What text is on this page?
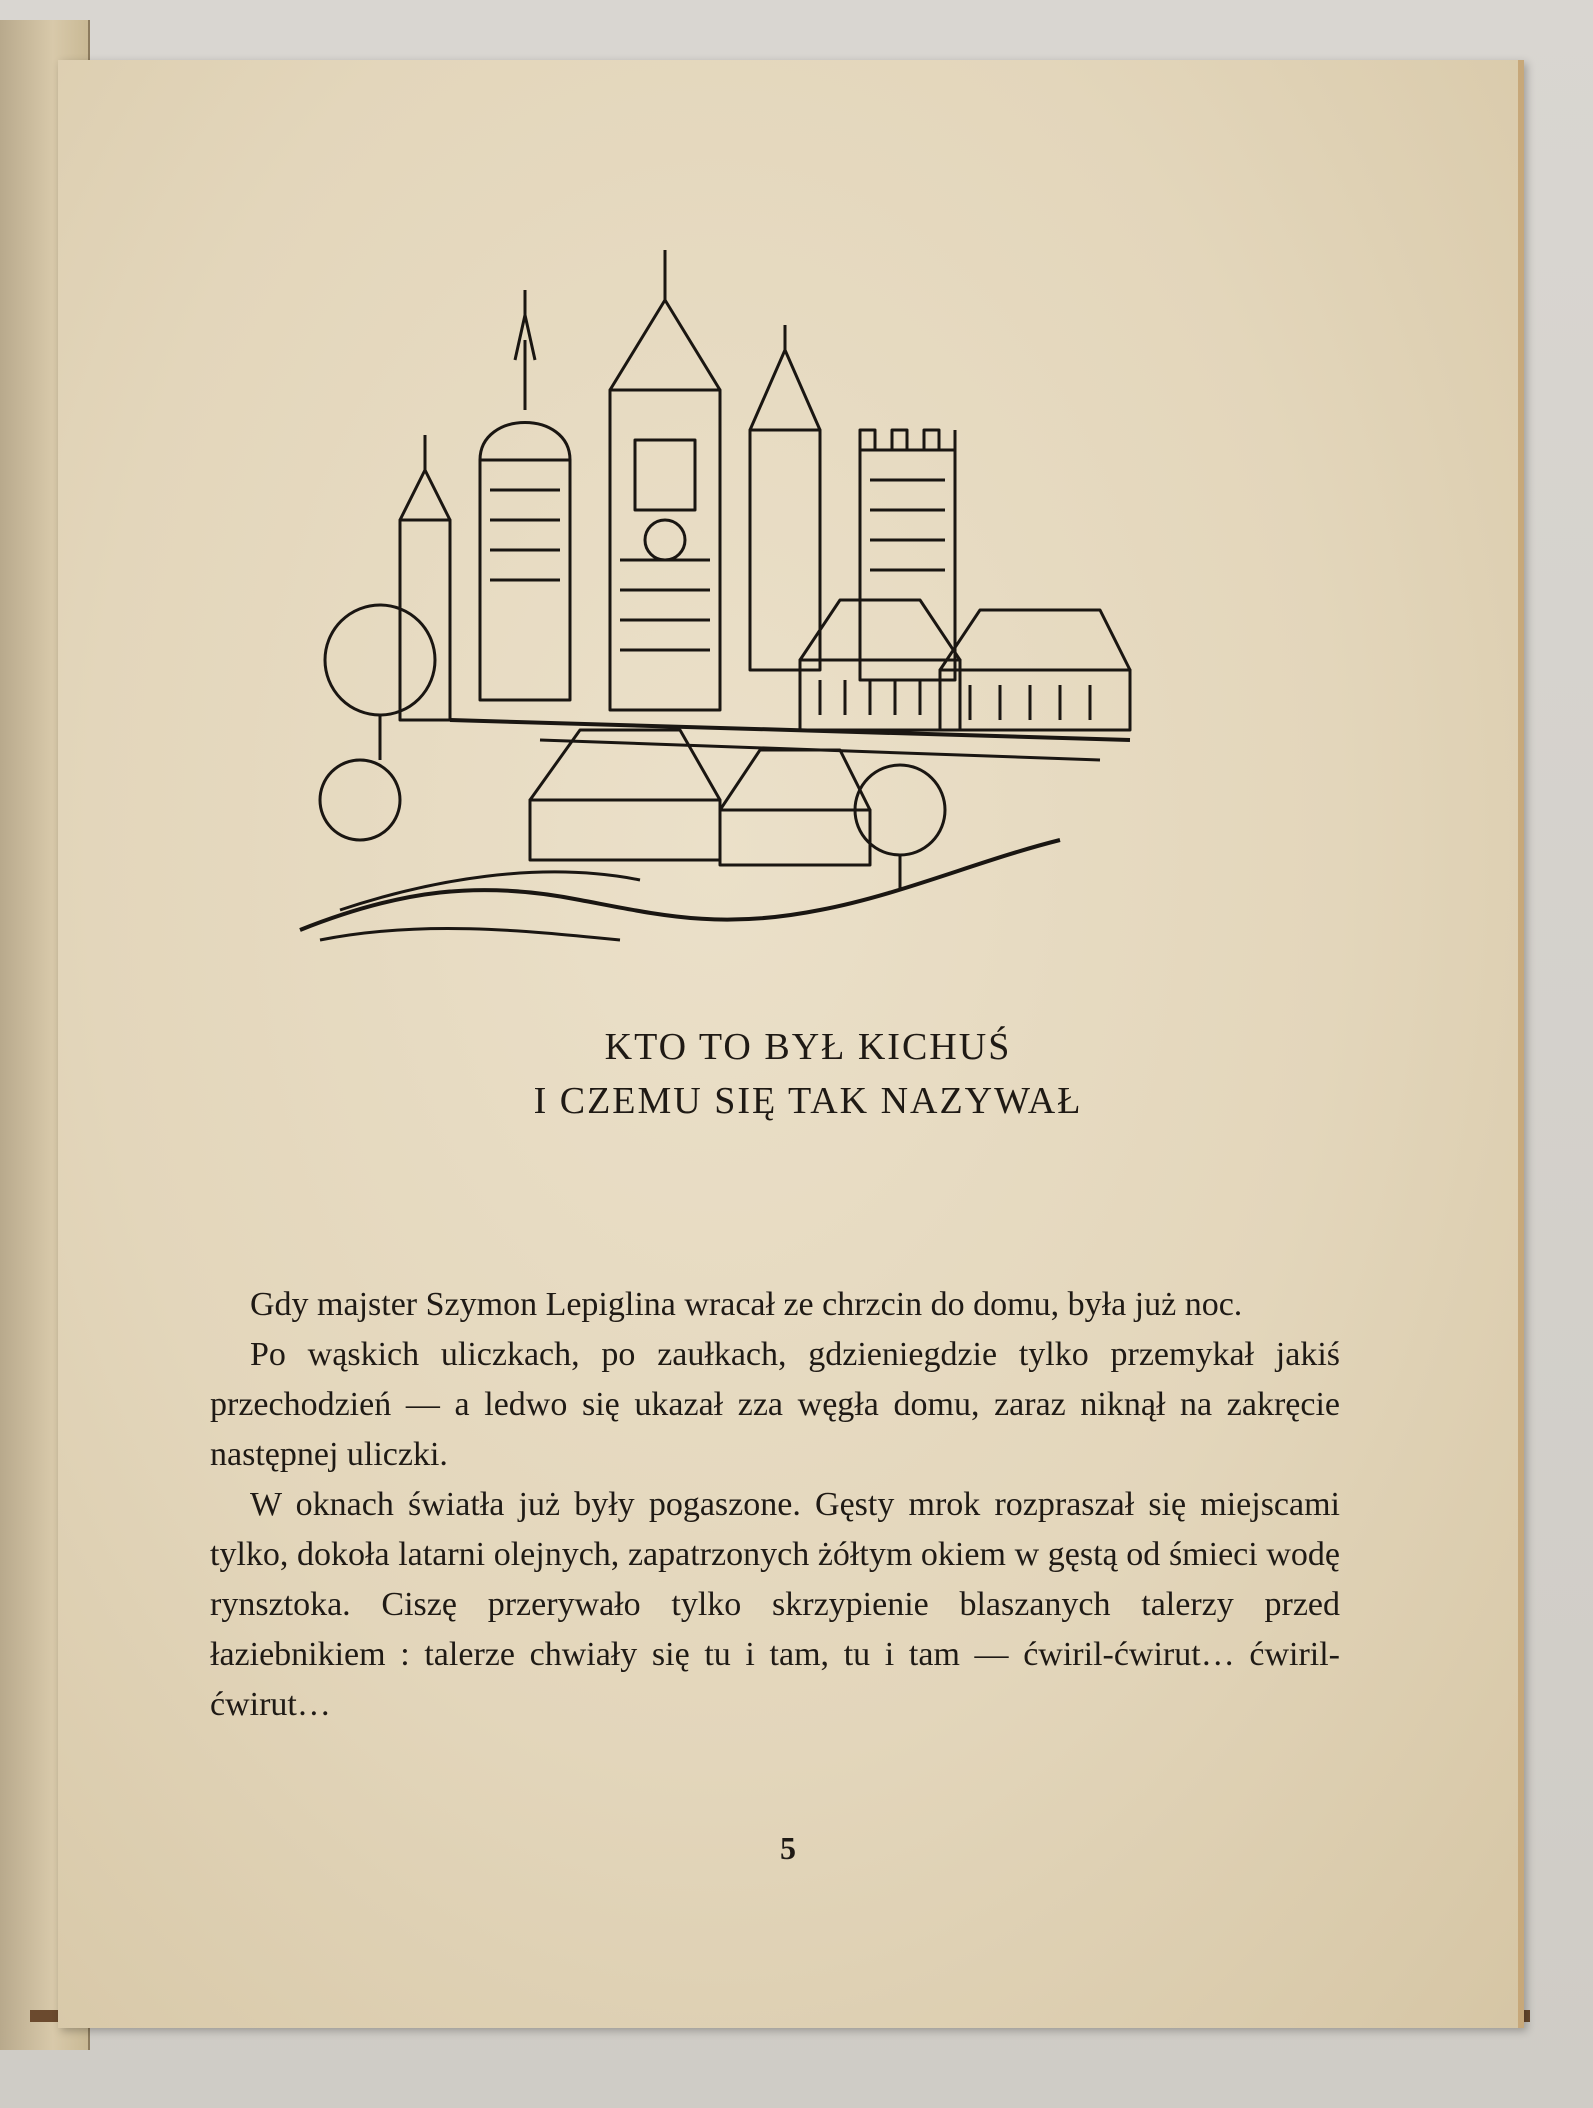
KTO TO BYŁ KICHUŚ
I CZEMU SIĘ TAK NAZYWAŁ

Gdy majster Szymon Lepiglina wracał ze chrzcin do domu, była już noc.

Po wąskich uliczkach, po zaułkach, gdzieniegdzie tylko przemykał jakiś przechodzień — a ledwo się ukazał zza węgła domu, zaraz niknął na zakręcie następnej uliczki.

W oknach światła już były pogaszone. Gęsty mrok rozpraszał się miejscami tylko, dokoła latarni olejnych, zapatrzonych żółtym okiem w gęstą od śmieci wodę rynsztoka. Ciszę przerywało tylko skrzypienie blaszanych talerzy przed łaziebnikiem : talerze chwiały się tu i tam, tu i tam — ćwiril-ćwirut… ćwiril-ćwirut…

5
